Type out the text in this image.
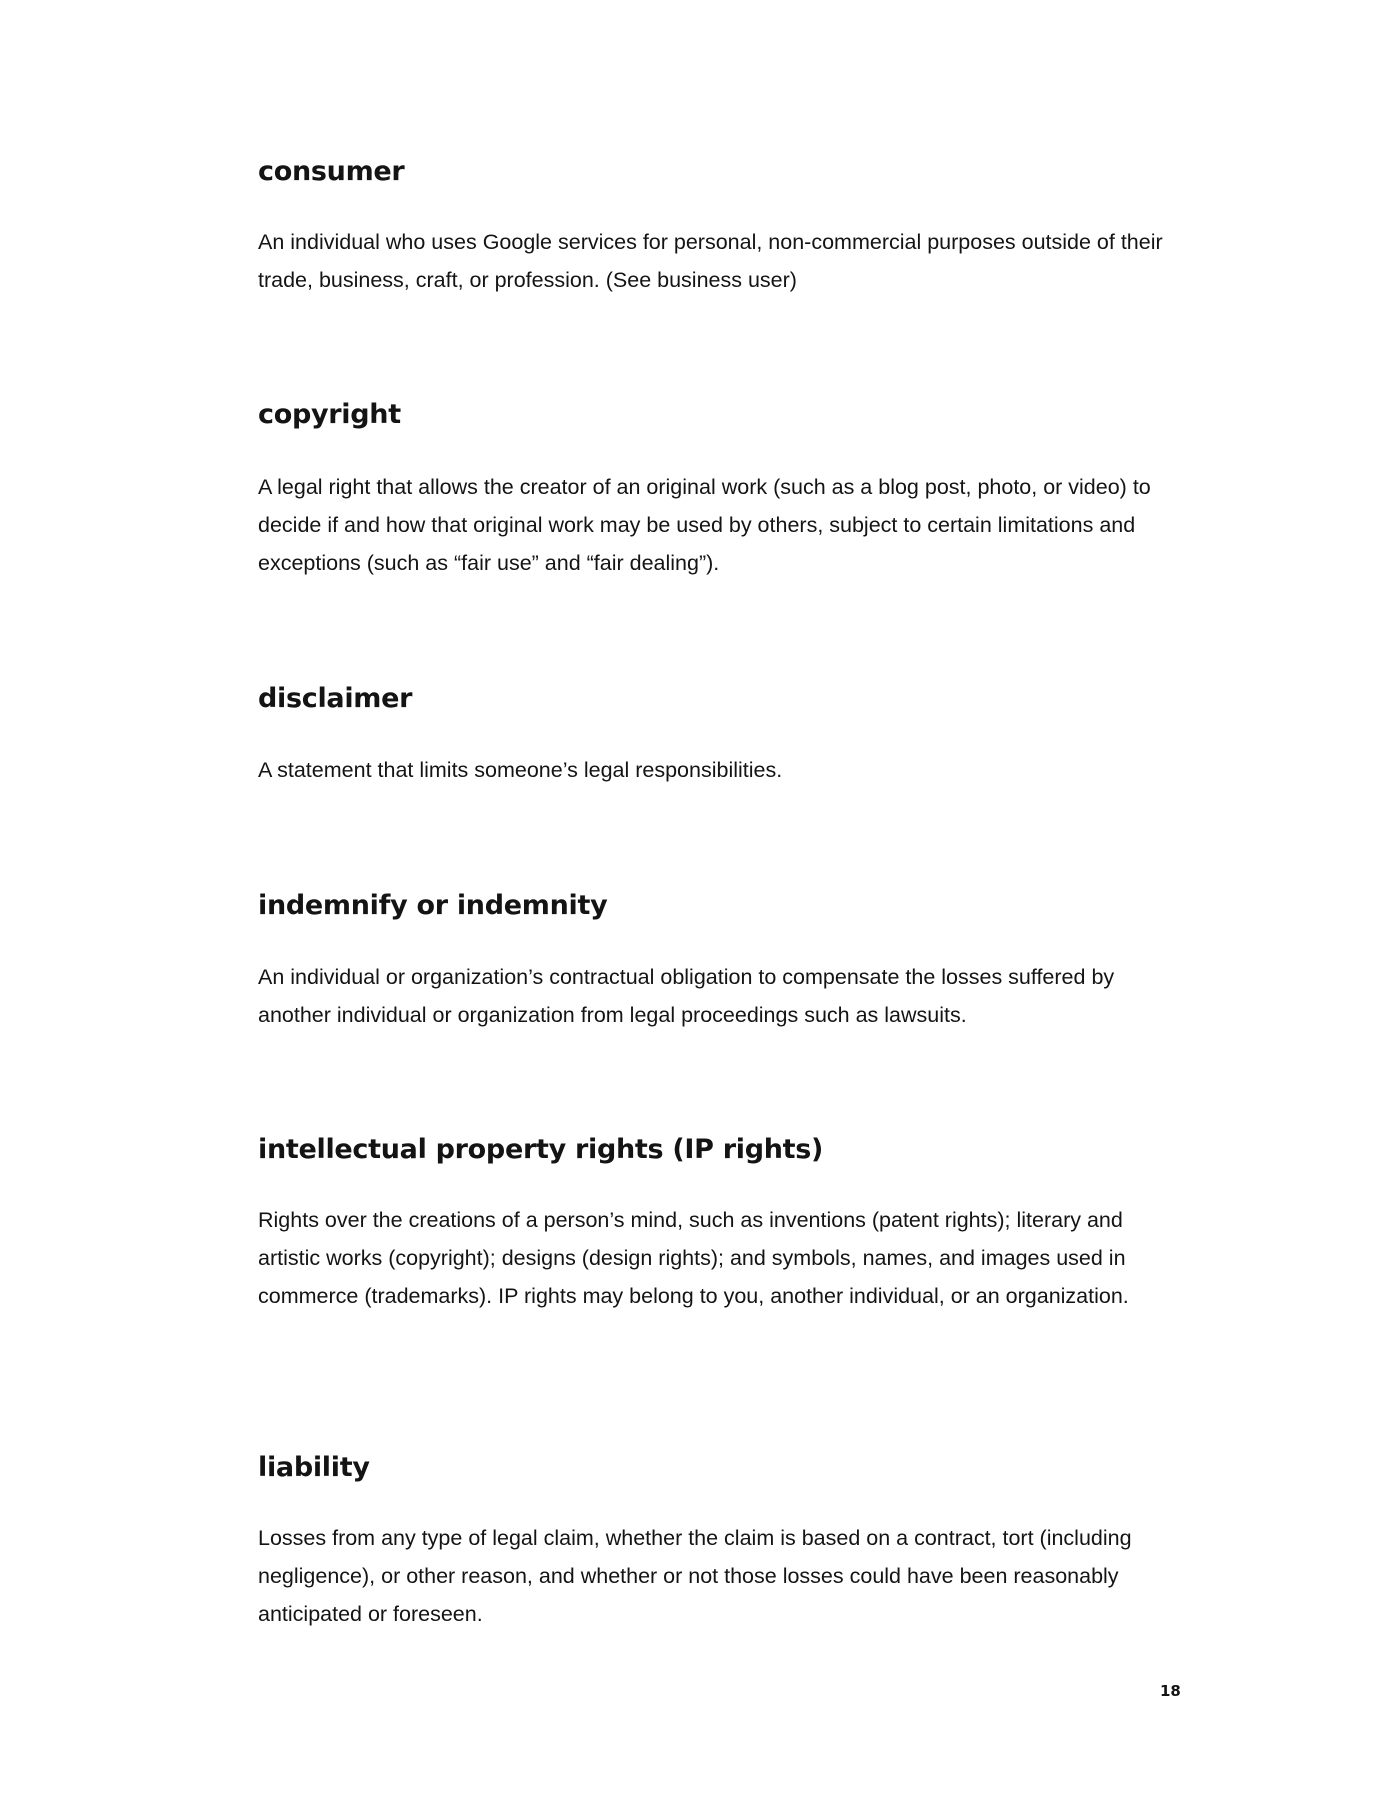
consumer

An individual who uses Google services for personal, non-commercial purposes outside of their trade, business, craft, or profession. (See business user)

copyright

A legal right that allows the creator of an original work (such as a blog post, photo, or video) to decide if and how that original work may be used by others, subject to certain limitations and exceptions (such as “fair use” and “fair dealing”).

disclaimer

A statement that limits someone’s legal responsibilities.

indemnify or indemnity

An individual or organization’s contractual obligation to compensate the losses suffered by another individual or organization from legal proceedings such as lawsuits.

intellectual property rights (IP rights)

Rights over the creations of a person’s mind, such as inventions (patent rights); literary and artistic works (copyright); designs (design rights); and symbols, names, and images used in commerce (trademarks). IP rights may belong to you, another individual, or an organization.

liability

Losses from any type of legal claim, whether the claim is based on a contract, tort (including negligence), or other reason, and whether or not those losses could have been reasonably anticipated or foreseen.

18
